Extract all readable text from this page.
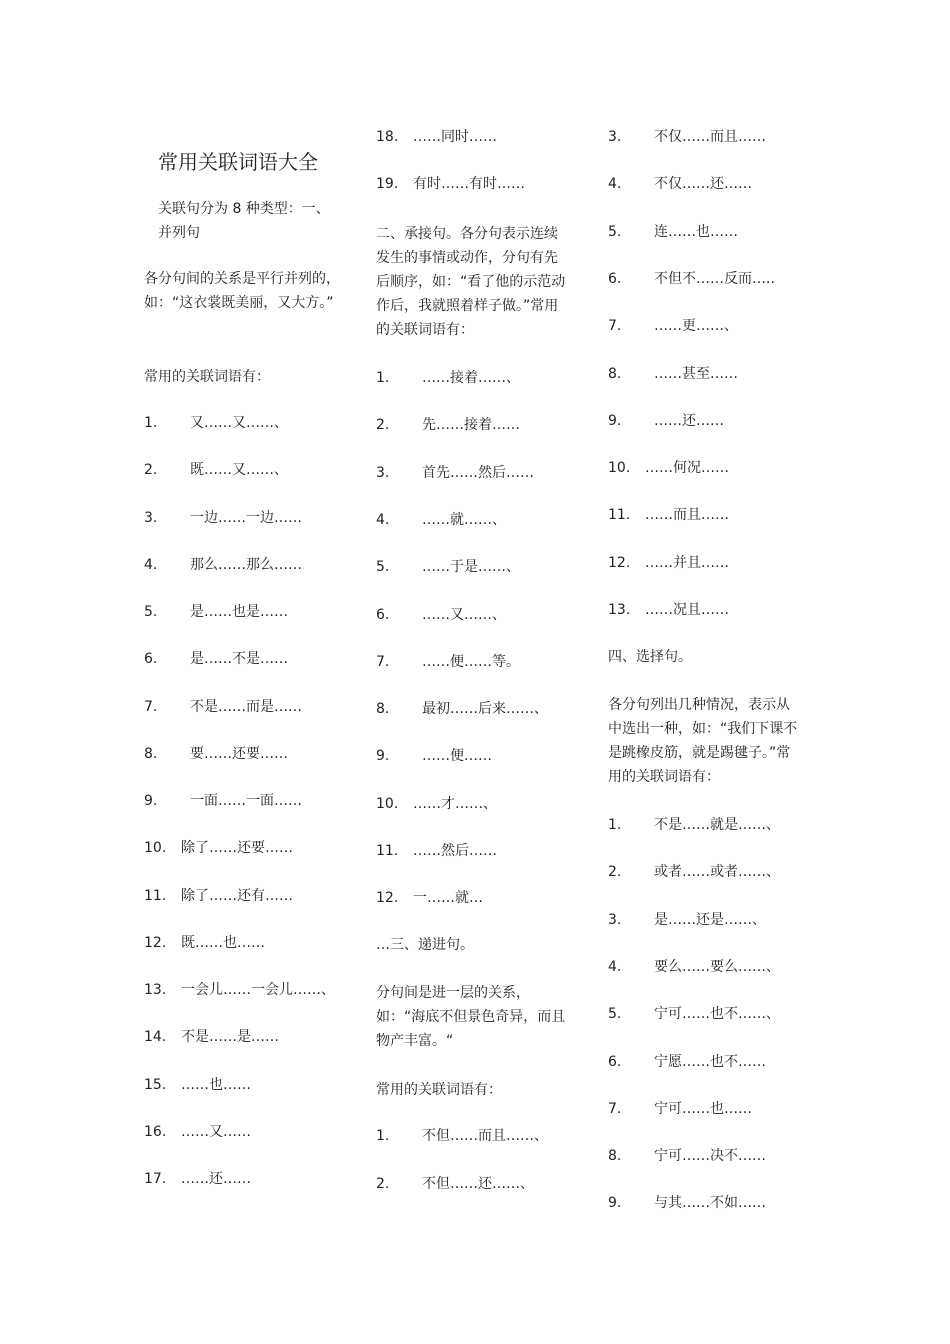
常用关联词语大全
关联句分为 8 种类型：一、并列句
各分句间的关系是平行并列的，如：“这衣裳既美丽，又大方。”
常用的关联词语有：
1. 又……又……、
2. 既……又……、
3. 一边……一边……
4. 那么……那么……
5. 是……也是……
6. 是……不是……
7. 不是……而是……
8. 要……还要……
9. 一面……一面……
10. 除了……还要……
11. 除了……还有……
12. 既……也……
13. 一会儿……一会儿……、
14. 不是……是……
15. ……也……
16. ……又……
17. ……还……
18. ……同时……
19. 有时……有时……
二、承接句。各分句表示连续发生的事情或动作，分句有先后顺序，如：“看了他的示范动作后，我就照着样子做。”常用的关联词语有：
1. ……接着……、
2. 先……接着……
3. 首先……然后……
4. ……就……、
5. ……于是……、
6. ……又……、
7. ……便……等。
8. 最初……后来……、
9. ……便……
10. ……才……、
11. ……然后……
12. 一……就…
…三、递进句。
分句间是进一层的关系，如：“海底不但景色奇异，而且物产丰富。“
常用的关联词语有：
1. 不但……而且……、
2. 不但……还……、
3. 不仅……而且……
4. 不仅……还……
5. 连……也……
6. 不但不……反而…..
7. ……更……、
8. ……甚至……
9. ……还……
10. ……何况……
11. ……而且……
12. ……并且……
13. ……况且……
四、选择句。
各分句列出几种情况，表示从中选出一种，如：“我们下课不是跳橡皮筋，就是踢毽子。”常用的关联词语有：
1. 不是……就是……、
2. 或者……或者……、
3. 是……还是……、
4. 要么……要么……、
5. 宁可……也不……、
6. 宁愿……也不……
7. 宁可……也……
8. 宁可……决不……
9. 与其……不如……
